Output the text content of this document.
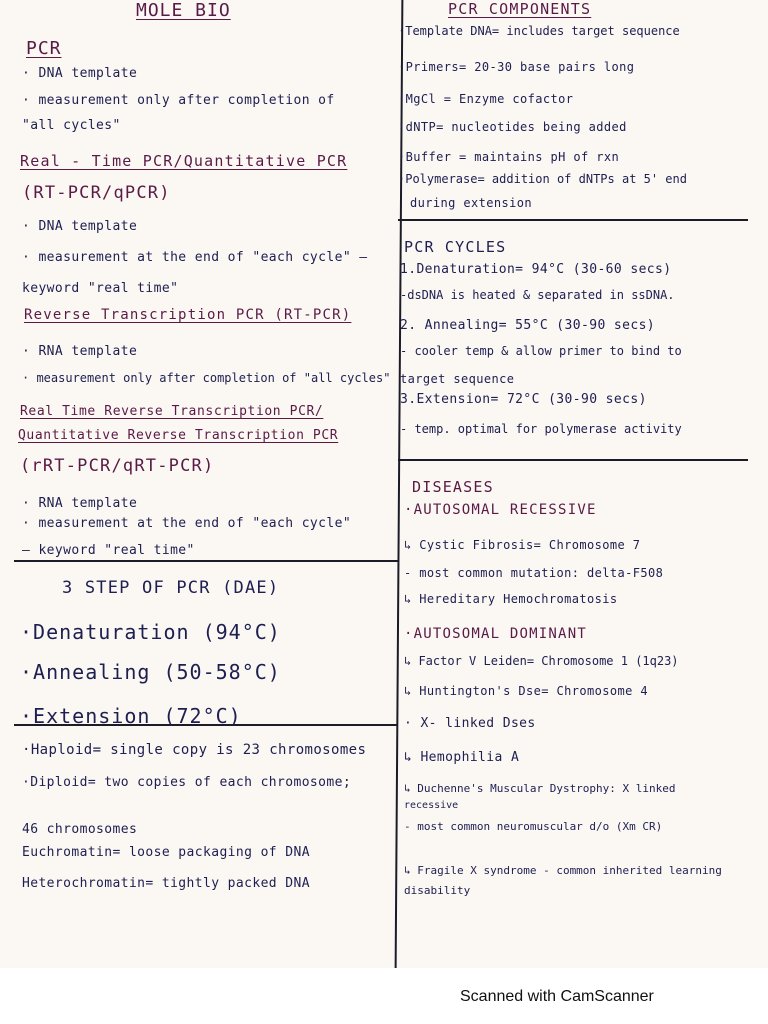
MOLE BIO
PCR
· DNA template
· measurement only after completion of
"all cycles"
Real - Time PCR/Quantitative PCR
(RT-PCR/qPCR)
· DNA template
· measurement at the end of "each cycle" —
keyword "real time"
Reverse Transcription PCR (RT-PCR)
· RNA template
· measurement only after completion of "all cycles"
Real Time Reverse Transcription PCR/
Quantitative Reverse Transcription PCR
(rRT-PCR/qRT-PCR)
· RNA template
· measurement at the end of "each cycle"
— keyword "real time"
3 STEP OF PCR (DAE)
·Denaturation (94°C)
·Annealing (50-58°C)
·Extension (72°C)
·Haploid= single copy is 23 chromosomes
·Diploid= two copies of each chromosome;
46 chromosomes
Euchromatin= loose packaging of DNA
Heterochromatin= tightly packed DNA
PCR COMPONENTS
·Template DNA= includes target sequence
·Primers= 20-30 base pairs long
·MgCl = Enzyme cofactor
·dNTP= nucleotides being added
·Buffer = maintains pH of rxn
·Polymerase= addition of dNTPs at 5' end
during extension
PCR CYCLES
1.Denaturation= 94°C (30-60 secs)
-dsDNA is heated & separated in ssDNA.
2. Annealing= 55°C (30-90 secs)
- cooler temp & allow primer to bind to
target sequence
3.Extension= 72°C (30-90 secs)
- temp. optimal for polymerase activity
DISEASES
·AUTOSOMAL RECESSIVE
↳ Cystic Fibrosis= Chromosome 7
- most common mutation: delta-F508
↳ Hereditary Hemochromatosis
·AUTOSOMAL DOMINANT
↳ Factor V Leiden= Chromosome 1 (1q23)
↳ Huntington's Dse= Chromosome 4
· X- linked Dses
↳ Hemophilia A
↳ Duchenne's Muscular Dystrophy: X linked
recessive
- most common neuromuscular d/o (Xm CR)
↳ Fragile X syndrome - common inherited learning
disability
Scanned with CamScanner
